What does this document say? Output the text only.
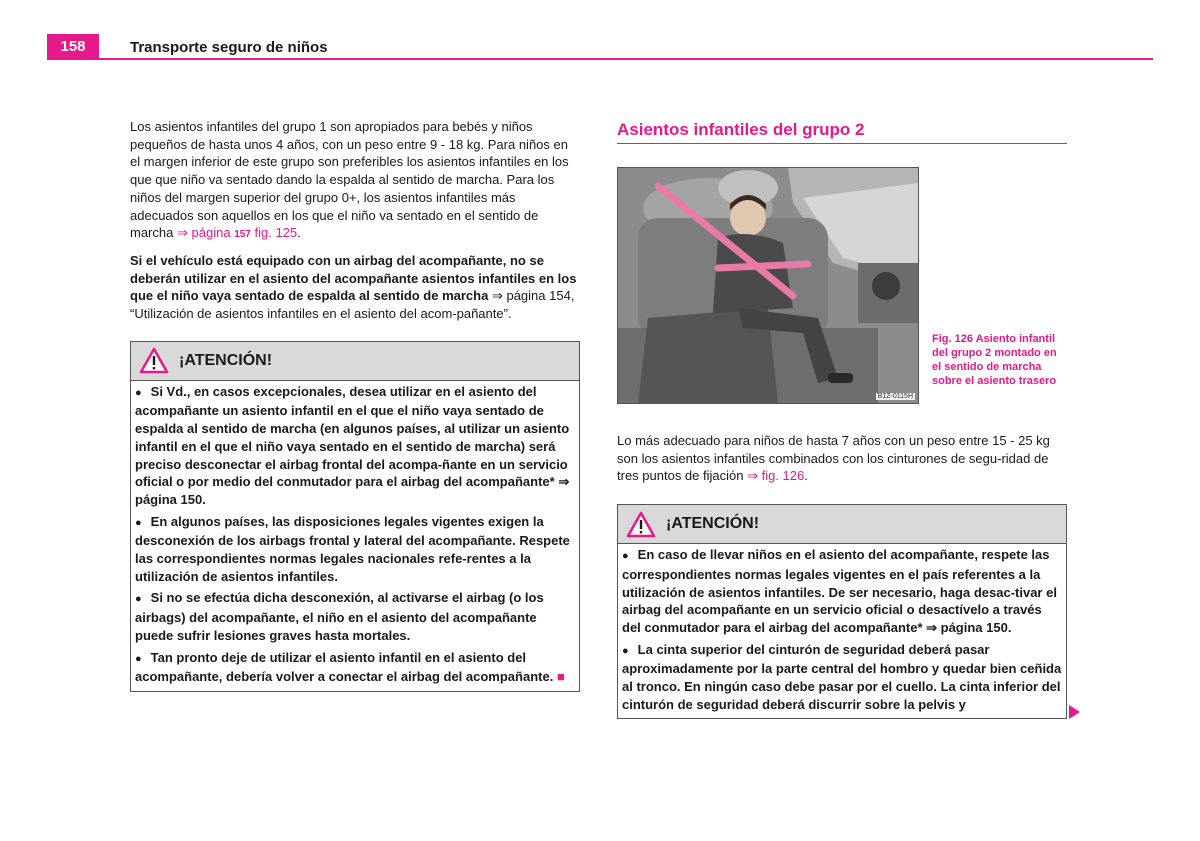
158	Transporte seguro de niños

Los asientos infantiles del grupo 1 son apropiados para bebés y niños pequeños de hasta unos 4 años, con un peso entre 9 - 18 kg. Para niños en el margen inferior de este grupo son preferibles los asientos infantiles en los que que niño va sentado dando la espalda al sentido de marcha. Para los niños del margen superior del grupo 0+, los asientos infantiles más adecuados son aquellos en los que el niño va sentado en el sentido de marcha ⇒ página 157 fig. 125.

Si el vehículo está equipado con un airbag del acompañante, no se deberán utilizar en el asiento del acompañante asientos infantiles en los que el niño vaya sentado de espalda al sentido de marcha ⇒ página 154, “Utilización de asientos infantiles en el asiento del acom-pañante”.

¡ATENCIÓN!

● Si Vd., en casos excepcionales, desea utilizar en el asiento del acompañante un asiento infantil en el que el niño vaya sentado de espalda al sentido de marcha (en algunos países, al utilizar un asiento infantil en el que el niño vaya sentado en el sentido de marcha) será preciso desconectar el airbag frontal del acompa-ñante en un servicio oficial o por medio del conmutador para el airbag del acompañante* ⇒ página 150.

● En algunos países, las disposiciones legales vigentes exigen la desconexión de los airbags frontal y lateral del acompañante. Respete las correspondientes normas legales nacionales refe-rentes a la utilización de asientos infantiles.

● Si no se efectúa dicha desconexión, al activarse el airbag (o los airbags) del acompañante, el niño en el asiento del acompañante puede sufrir lesiones graves hasta mortales.

● Tan pronto deje de utilizar el asiento infantil en el asiento del acompañante, debería volver a conectar el airbag del acompañante. ■

Asientos infantiles del grupo 2
B1Z-0115H
Fig. 126 Asiento infantil del grupo 2 montado en el sentido de marcha sobre el asiento trasero

Lo más adecuado para niños de hasta 7 años con un peso entre 15 - 25 kg son los asientos infantiles combinados con los cinturones de segu-ridad de tres puntos de fijación ⇒ fig. 126.

¡ATENCIÓN!

● En caso de llevar niños en el asiento del acompañante, respete las correspondientes normas legales vigentes en el país referentes a la utilización de asientos infantiles. De ser necesario, haga desac-tivar el airbag del acompañante en un servicio oficial o desactívelo a través del conmutador para el airbag del acompañante* ⇒ página 150.

● La cinta superior del cinturón de seguridad deberá pasar aproximadamente por la parte central del hombro y quedar bien ceñida al tronco. En ningún caso debe pasar por el cuello. La cinta inferior del cinturón de seguridad deberá discurrir sobre la pelvis y
